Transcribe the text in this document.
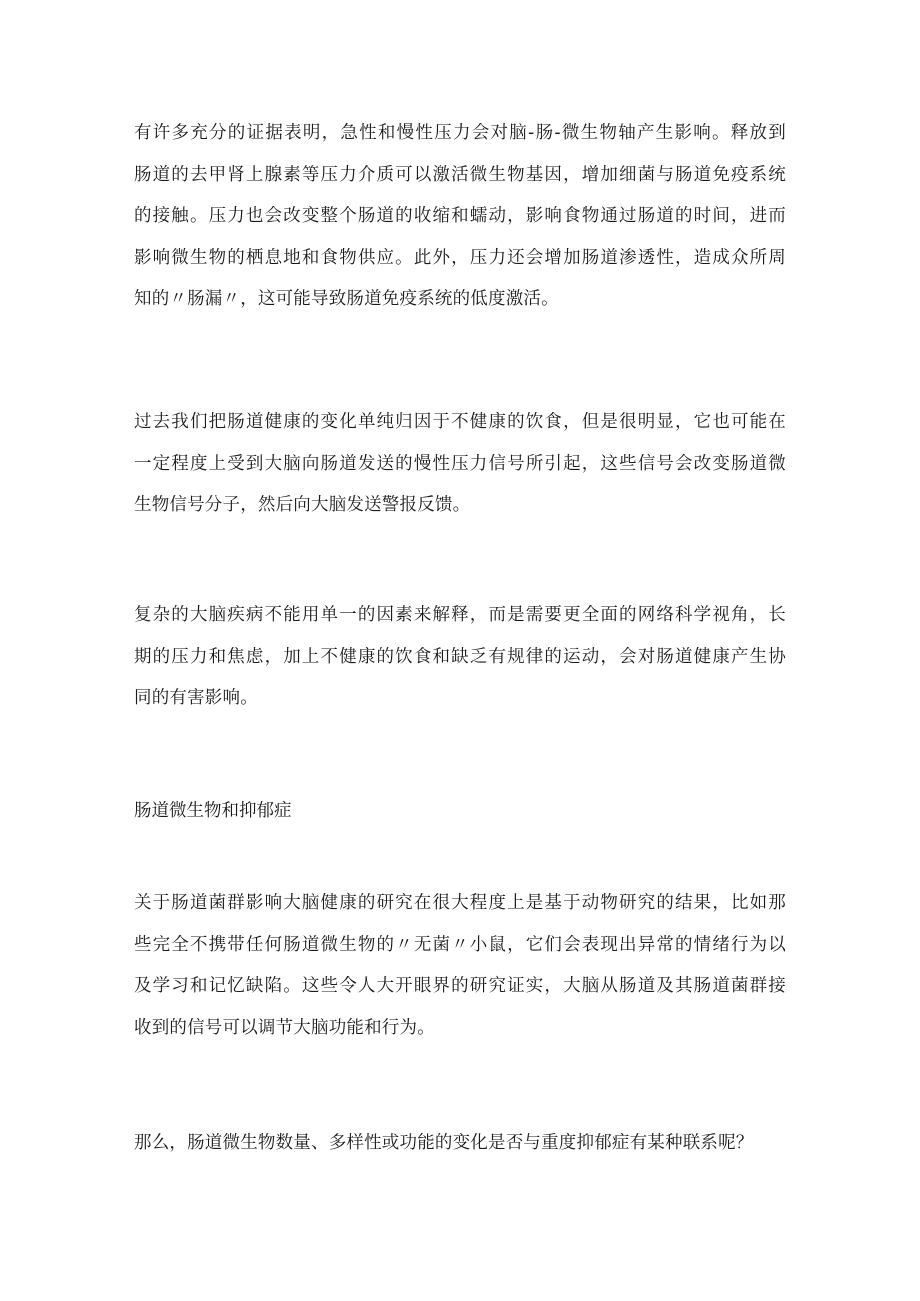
有许多充分的证据表明，急性和慢性压力会对脑-肠-微生物轴产生影响。释放到
肠道的去甲肾上腺素等压力介质可以激活微生物基因，增加细菌与肠道免疫系统
的接触。压力也会改变整个肠道的收缩和蠕动，影响食物通过肠道的时间，进而
影响微生物的栖息地和食物供应。此外，压力还会增加肠道渗透性，造成众所周
知的〃肠漏〃，这可能导致肠道免疫系统的低度激活。
过去我们把肠道健康的变化单纯归因于不健康的饮食，但是很明显，它也可能在
一定程度上受到大脑向肠道发送的慢性压力信号所引起，这些信号会改变肠道微
生物信号分子，然后向大脑发送警报反馈。
复杂的大脑疾病不能用单一的因素来解释，而是需要更全面的网络科学视角，长
期的压力和焦虑，加上不健康的饮食和缺乏有规律的运动，会对肠道健康产生协
同的有害影响。
肠道微生物和抑郁症
关于肠道菌群影响大脑健康的研究在很大程度上是基于动物研究的结果，比如那
些完全不携带任何肠道微生物的〃无菌〃小鼠，它们会表现出异常的情绪行为以
及学习和记忆缺陷。这些令人大开眼界的研究证实，大脑从肠道及其肠道菌群接
收到的信号可以调节大脑功能和行为。
那么，肠道微生物数量、多样性或功能的变化是否与重度抑郁症有某种联系呢？
